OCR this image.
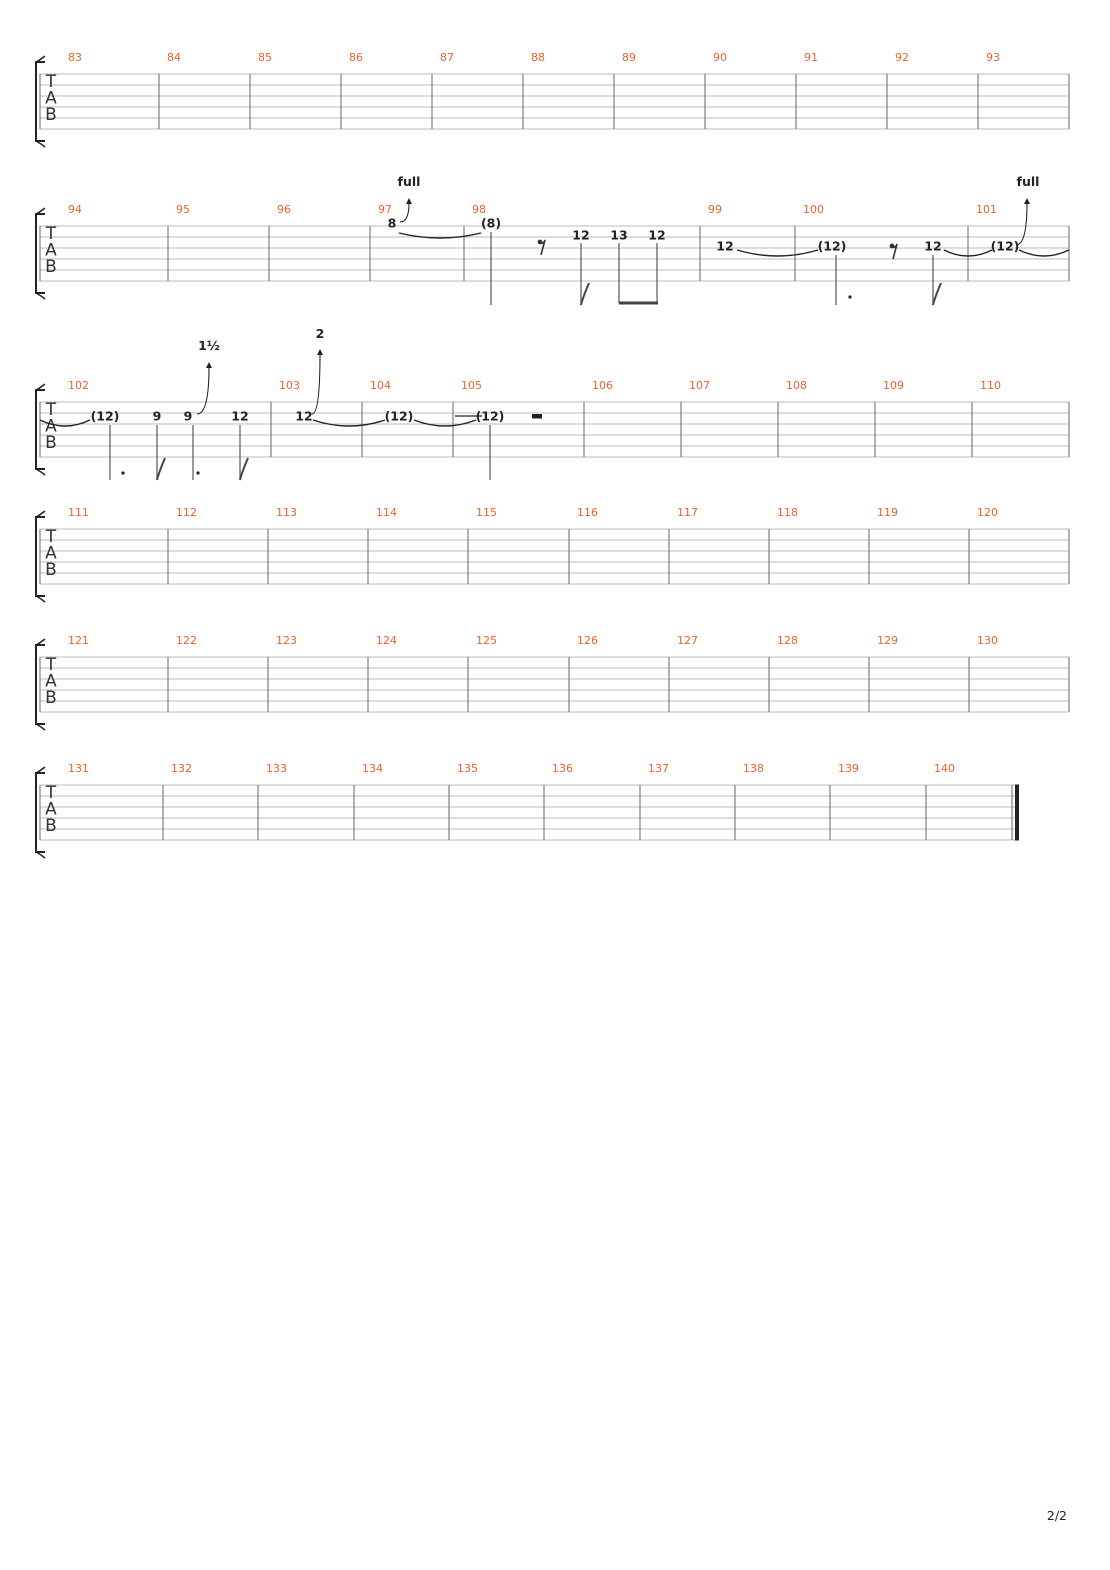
T
A
B
83	84	85	86	87	88	89	90	91	92	93
T
A
B
94	95	96	97	98	99	100	101
T
A
B
102	103	104	105	106	107	108	109	110
T
A
B
111	112	113	114	115	116	117	118	119	120
T
A
B
121	122	123	124	125	126	127	128	129	130
T
A
B
131	132	133	134	135	136	137	138	139	140
8
full
(8)
12 13 12
12	(12)	12	(12)
full
(12)	9 9
1½
12	12
2
(12)	(12)
2/2
